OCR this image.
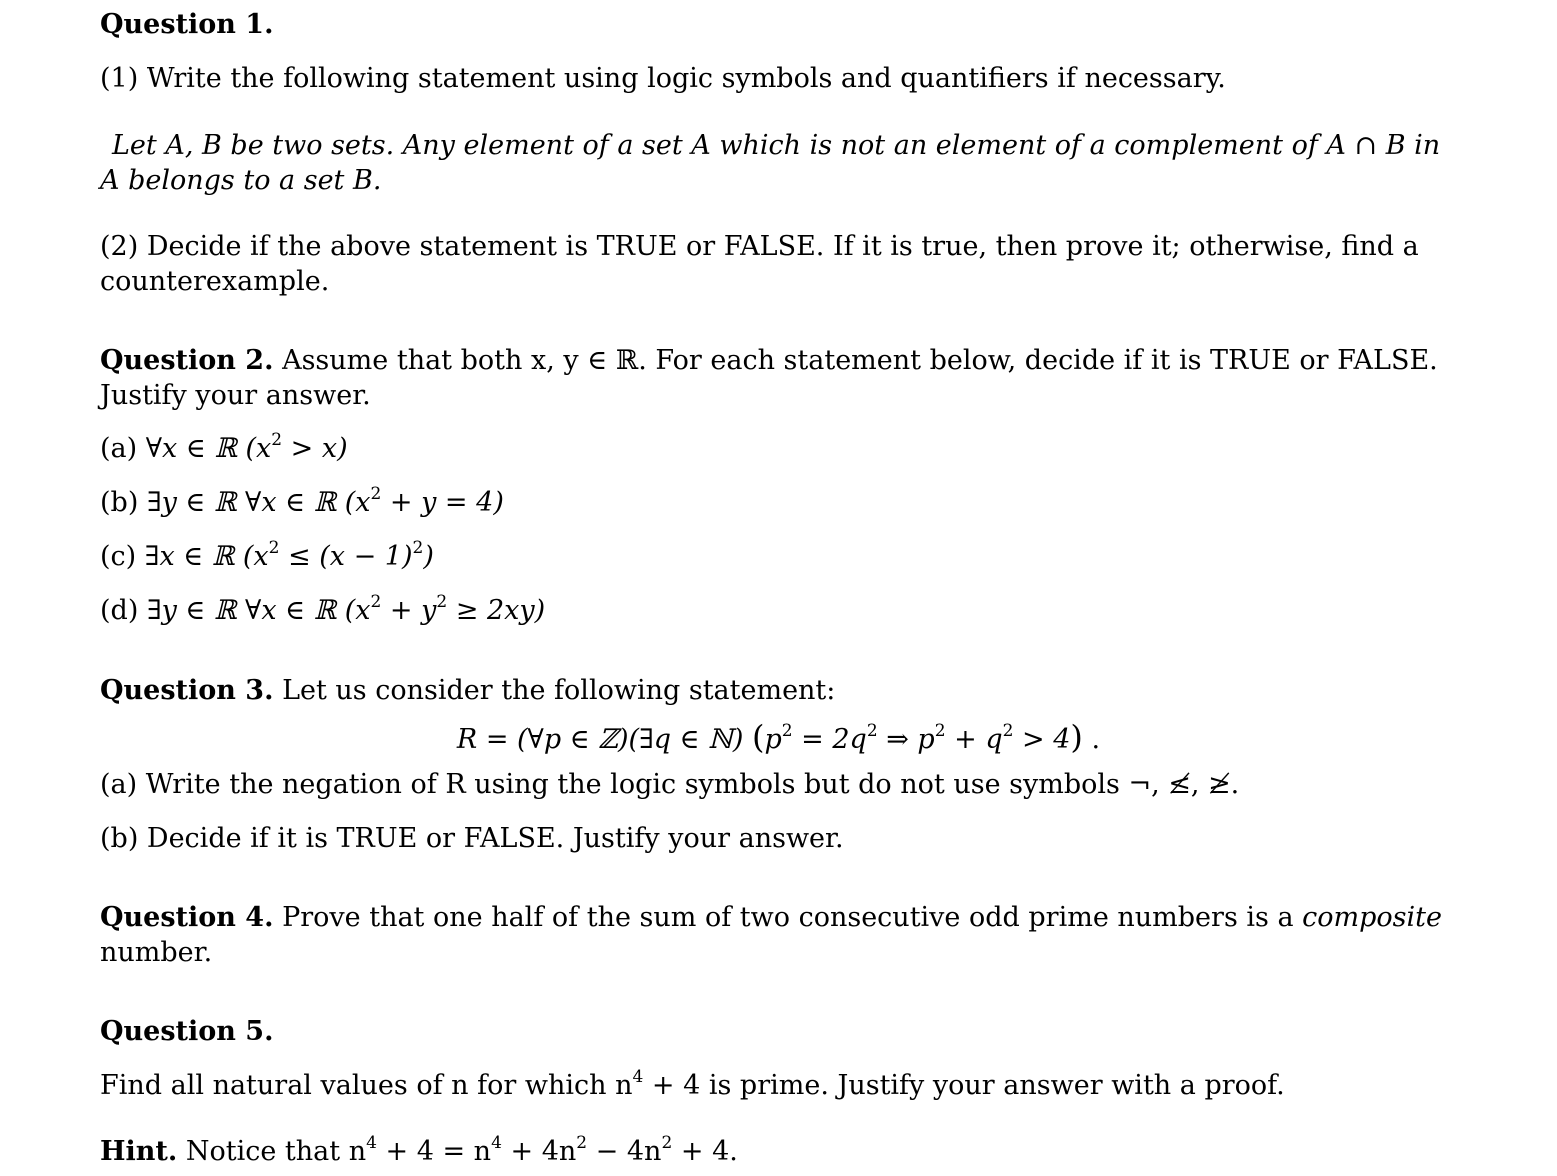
Question 1.
(1) Write the following statement using logic symbols and quantifiers if necessary.
Let A, B be two sets. Any element of a set A which is not an element of a complement of A ∩ B in
A belongs to a set B.
(2) Decide if the above statement is TRUE or FALSE. If it is true, then prove it; otherwise, find a
counterexample.
Question 2. Assume that both x, y ∈ ℝ. For each statement below, decide if it is TRUE or FALSE.
Justify your answer.
(a) ∀x ∈ ℝ $(x^2 > x)$
(b) ∃y ∈ ℝ ∀x ∈ ℝ $(x^2 + y = 4)$
(c) ∃x ∈ ℝ $(x^2 \le (x - 1)^2)$
(d) ∃y ∈ ℝ ∀x ∈ ℝ $(x^2 + y^2 \ge 2xy)$
Question 3. Let us consider the following statement:
R = (∀p ∈ ℤ)(∃q ∈ ℕ) ($p^2 = 2q^2$ ⇒ $p^2 + q^2 > 4$) .
(a) Write the negation of R using the logic symbols but do not use symbols ¬, ≰, ≱.
(b) Decide if it is TRUE or FALSE. Justify your answer.
Question 4. Prove that one half of the sum of two consecutive odd prime numbers is a composite
number.
Question 5.
Find all natural values of n for which $n^4 + 4$ is prime. Justify your answer with a proof.
Hint. Notice that $n^4 + 4 = n^4 + 4n^2 - 4n^2 + 4$.
